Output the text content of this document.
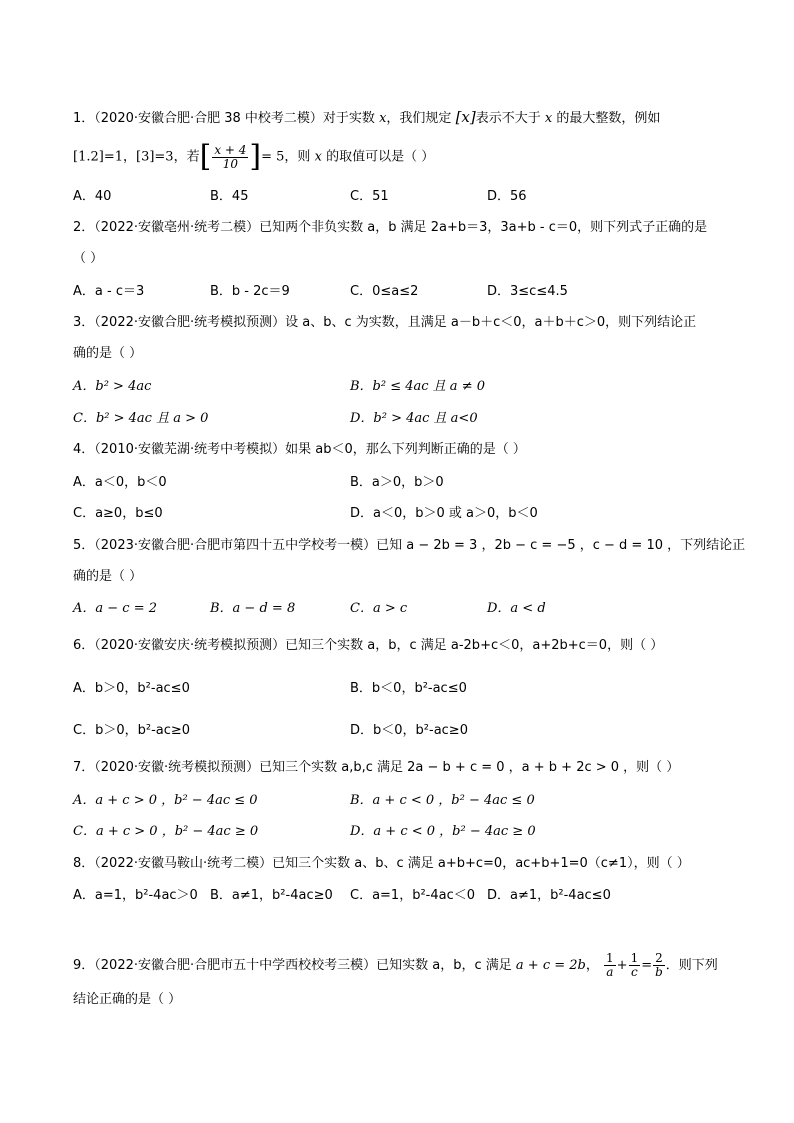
1．（2020·安徽合肥·合肥 38 中校考二模）对于实数 x，我们规定 [x]表示不大于 x 的最大整数，例如
[1.2]=1，[3]=3，若[ $\frac{x + 4}{10}$ ]= 5，则 x 的取值可以是（ ）
A．40	B．45	C．51	D．56
2．（2022·安徽亳州·统考二模）已知两个非负实数 a，b 满足 2a+b＝3，3a+b - c＝0，则下列式子正确的是
（ ）
A．a - c＝3	B．b - 2c＝9	C．0≤a≤2	D．3≤c≤4.5
3．（2022·安徽合肥·统考模拟预测）设 a、b、c 为实数，且满足 a－b＋c＜0，a＋b＋c＞0，则下列结论正
确的是（ ）
A．b² > 4ac	B．b² ≤ 4ac 且 a ≠ 0
C．b² > 4ac 且 a > 0	D．b² > 4ac 且 a<0
4．（2010·安徽芜湖·统考中考模拟）如果 ab＜0，那么下列判断正确的是（ ）
A．a＜0，b＜0	B．a＞0，b＞0
C．a≥0，b≤0	D．a＜0，b＞0 或 a＞0，b＜0
5．（2023·安徽合肥·合肥市第四十五中学校考一模）已知 a − 2b = 3 ，2b − c = −5 ，c − d = 10 ，下列结论正
确的是（ ）
A．a − c = 2	B．a − d = 8	C．a > c	D．a < d
6．（2020·安徽安庆·统考模拟预测）已知三个实数 a，b，c 满足 a-2b+c＜0，a+2b+c＝0，则（ ）
A．b＞0，b²-ac≤0	B．b＜0，b²-ac≤0
C．b＞0，b²-ac≥0	D．b＜0，b²-ac≥0
7．（2020·安徽·统考模拟预测）已知三个实数 a,b,c 满足 2a − b + c = 0 ，a + b + 2c > 0 ，则（ ）
A．a + c > 0 ，b² − 4ac ≤ 0	B．a + c < 0 ，b² − 4ac ≤ 0
C．a + c > 0 ，b² − 4ac ≥ 0	D．a + c < 0 ，b² − 4ac ≥ 0
8．（2022·安徽马鞍山·统考二模）已知三个实数 a、b、c 满足 a+b+c=0，ac+b+1=0（c≠1），则（ ）
A．a=1，b²-4ac＞0 B．a≠1，b²-4ac≥0 C．a=1，b²-4ac＜0 D．a≠1，b²-4ac≤0
9．（2022·安徽合肥·合肥市五十中学西校校考三模）已知实数 a，b，c 满足 a + c = 2b， $\frac{1}{a} + \frac{1}{c} = \frac{2}{b}$ ．则下列
结论正确的是（ ）
